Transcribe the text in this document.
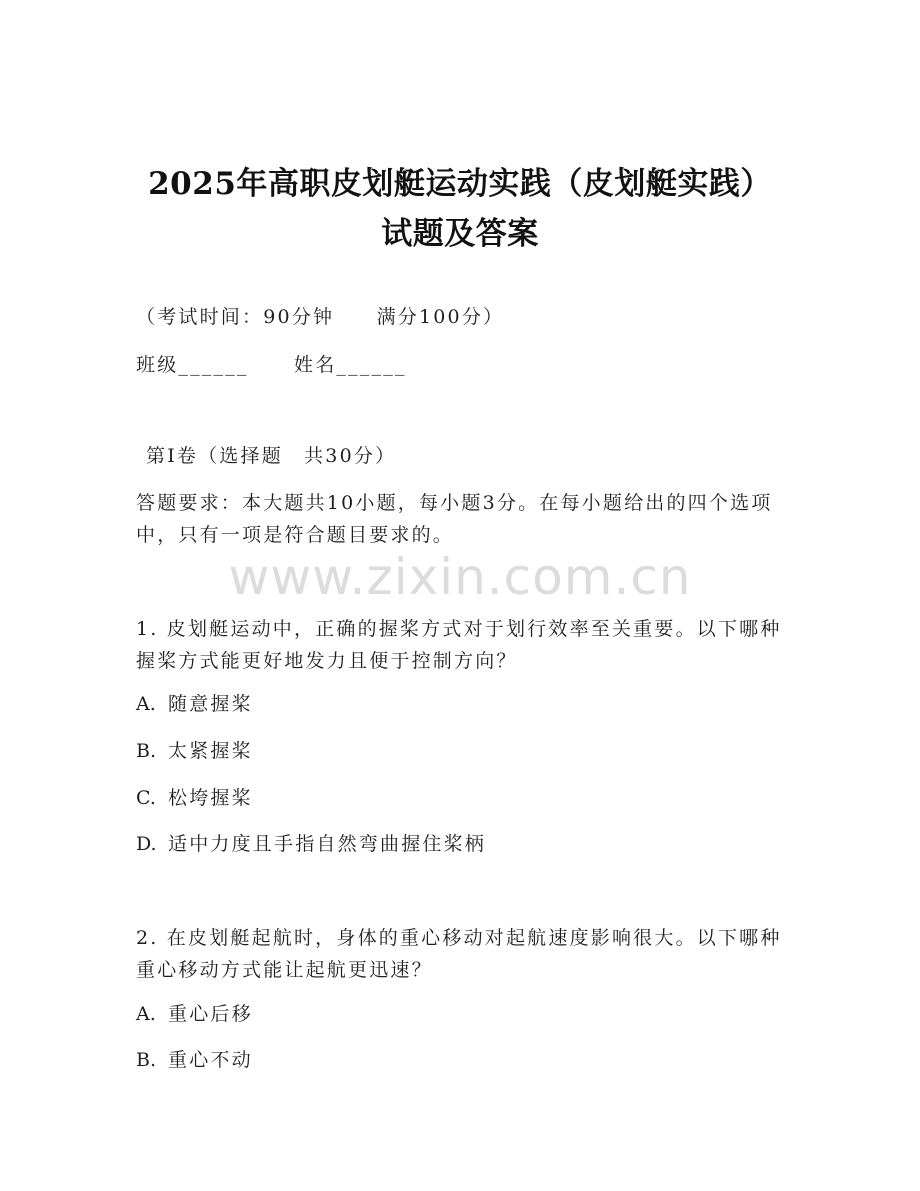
2025年高职皮划艇运动实践（皮划艇实践）
试题及答案
（考试时间：90分钟　　满分100分）
班级______ 姓名______
第I卷（选择题　共30分）
答题要求：本大题共10小题，每小题3分。在每小题给出的四个选项
中，只有一项是符合题目要求的。
www.zixin.com.cn
1. 皮划艇运动中，正确的握桨方式对于划行效率至关重要。以下哪种
握桨方式能更好地发力且便于控制方向？
A. 随意握桨
B. 太紧握桨
C. 松垮握桨
D. 适中力度且手指自然弯曲握住桨柄
2. 在皮划艇起航时，身体的重心移动对起航速度影响很大。以下哪种
重心移动方式能让起航更迅速？
A. 重心后移
B. 重心不动
